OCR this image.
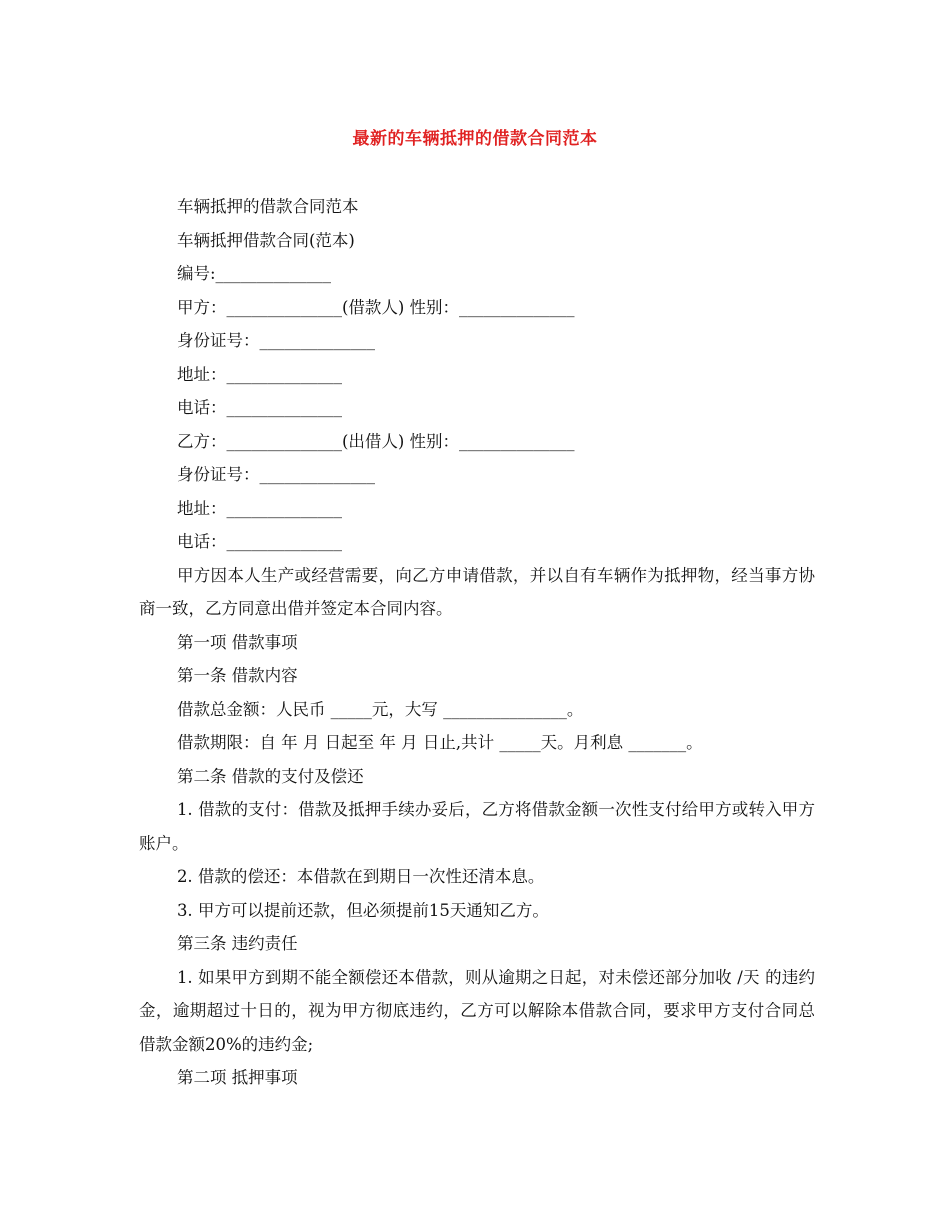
最新的车辆抵押的借款合同范本

车辆抵押的借款合同范本

车辆抵押借款合同(范本)

编号:______________

甲方：______________(借款人) 性别：______________

身份证号：______________

地址：______________

电话：______________

乙方：______________(出借人) 性别：______________

身份证号：______________

地址：______________

电话：______________

甲方因本人生产或经营需要，向乙方申请借款，并以自有车辆作为抵押物，经当事方协商一致，乙方同意出借并签定本合同内容。

第一项 借款事项

第一条 借款内容

借款总金额：人民币 _____元，大写 _______________。

借款期限：自 年 月 日起至 年 月 日止,共计 _____天。月利息 _______。

第二条 借款的支付及偿还

1. 借款的支付：借款及抵押手续办妥后，乙方将借款金额一次性支付给甲方或转入甲方账户。

2. 借款的偿还：本借款在到期日一次性还清本息。

3. 甲方可以提前还款，但必须提前15天通知乙方。

第三条 违约责任

1. 如果甲方到期不能全额偿还本借款，则从逾期之日起，对未偿还部分加收 /天 的违约金，逾期超过十日的，视为甲方彻底违约，乙方可以解除本借款合同，要求甲方支付合同总借款金额20%的违约金;

第二项 抵押事项
